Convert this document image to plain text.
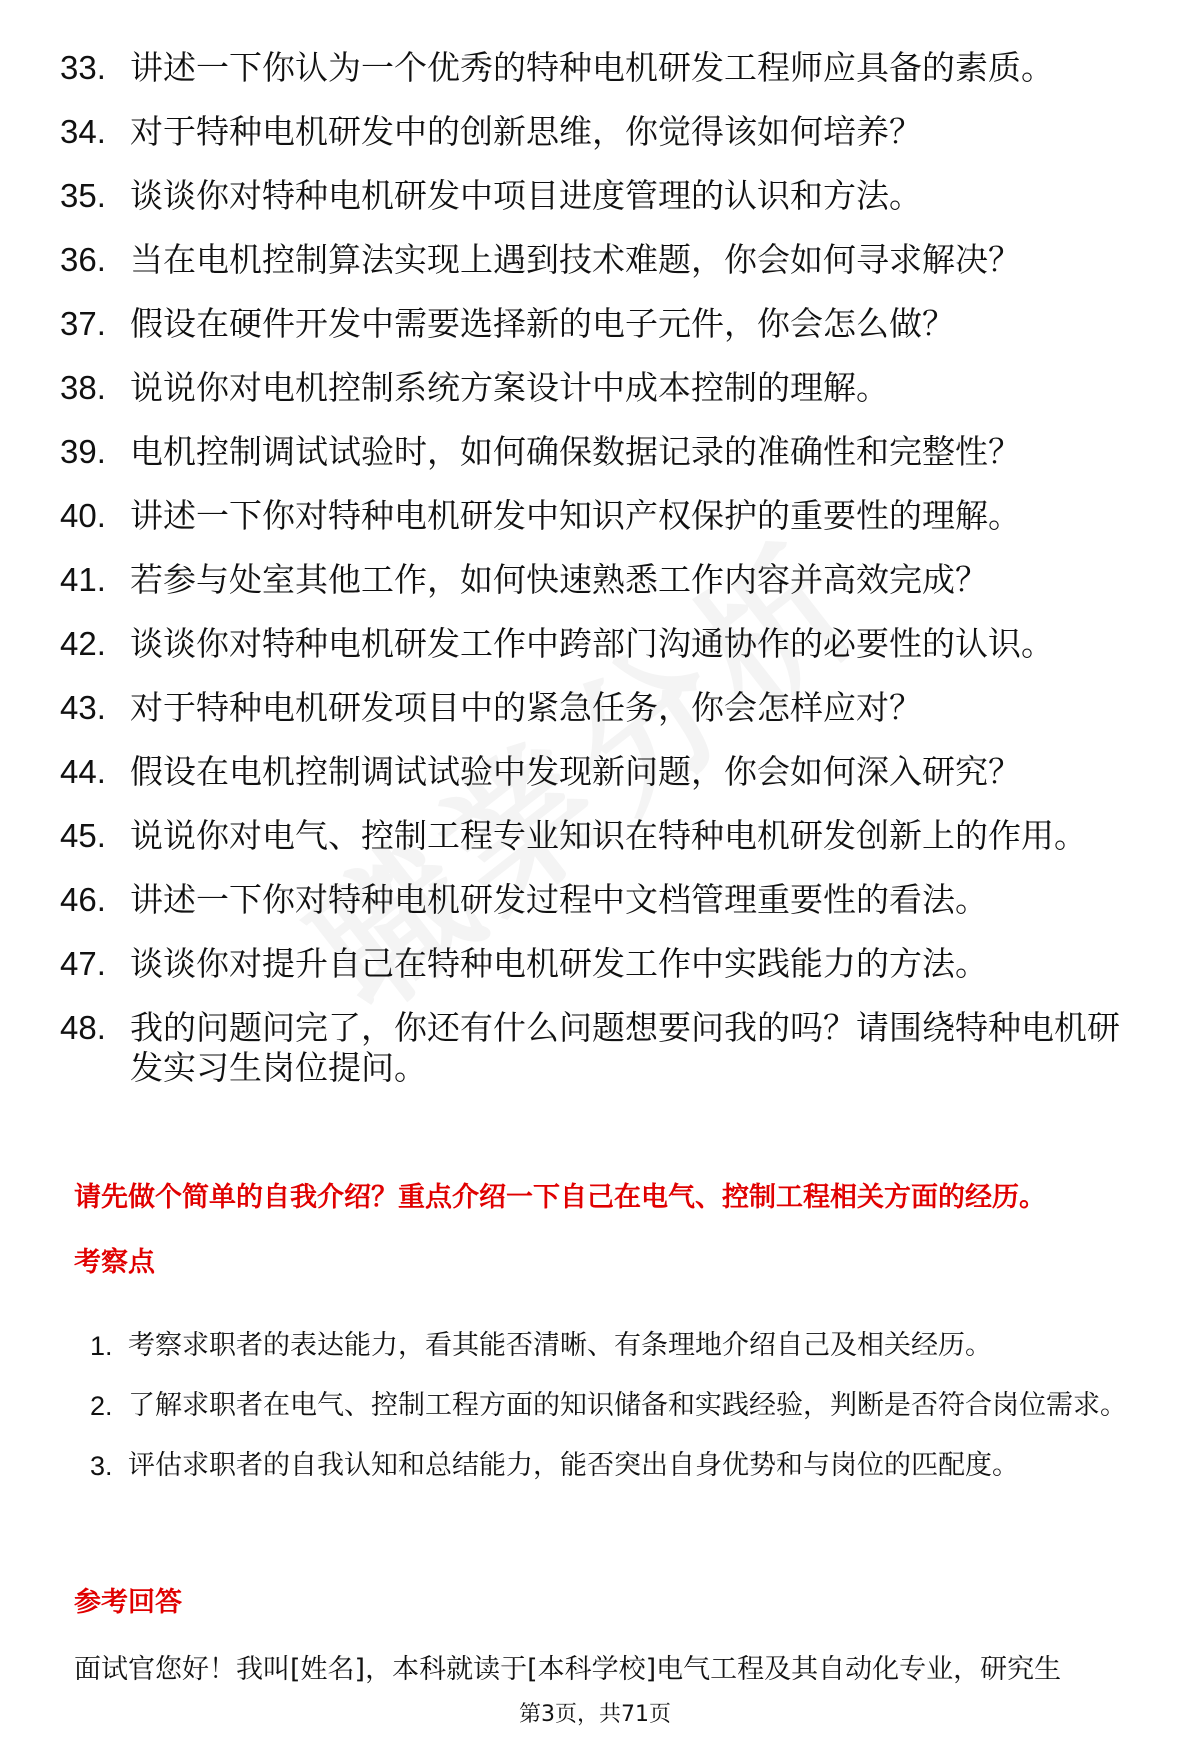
33. 讲述一下你认为一个优秀的特种电机研发工程师应具备的素质。
34. 对于特种电机研发中的创新思维，你觉得该如何培养？
35. 谈谈你对特种电机研发中项目进度管理的认识和方法。
36. 当在电机控制算法实现上遇到技术难题，你会如何寻求解决？
37. 假设在硬件开发中需要选择新的电子元件，你会怎么做？
38. 说说你对电机控制系统方案设计中成本控制的理解。
39. 电机控制调试试验时，如何确保数据记录的准确性和完整性？
40. 讲述一下你对特种电机研发中知识产权保护的重要性的理解。
41. 若参与处室其他工作，如何快速熟悉工作内容并高效完成？
42. 谈谈你对特种电机研发工作中跨部门沟通协作的必要性的认识。
43. 对于特种电机研发项目中的紧急任务，你会怎样应对？
44. 假设在电机控制调试试验中发现新问题，你会如何深入研究？
45. 说说你对电气、控制工程专业知识在特种电机研发创新上的作用。
46. 讲述一下你对特种电机研发过程中文档管理重要性的看法。
47. 谈谈你对提升自己在特种电机研发工作中实践能力的方法。
48. 我的问题问完了，你还有什么问题想要问我的吗？请围绕特种电机研发实习生岗位提问。
请先做个简单的自我介绍？重点介绍一下自己在电气、控制工程相关方面的经历。
考察点
1. 考察求职者的表达能力，看其能否清晰、有条理地介绍自己及相关经历。
2. 了解求职者在电气、控制工程方面的知识储备和实践经验，判断是否符合岗位需求。
3. 评估求职者的自我认知和总结能力，能否突出自身优势和与岗位的匹配度。
参考回答
面试官您好！我叫[姓名]，本科就读于[本科学校]电气工程及其自动化专业，研究生
第3页，共71页
